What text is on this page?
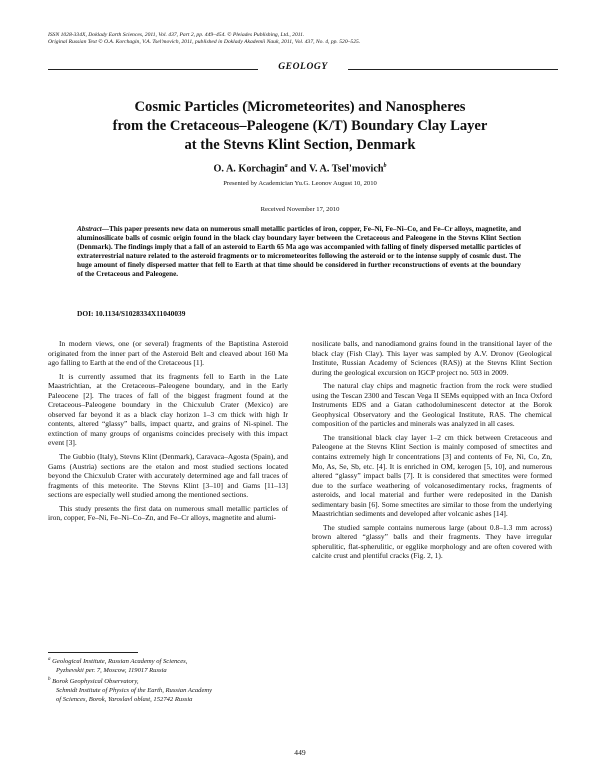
ISSN 1028-334X, Doklady Earth Sciences, 2011, Vol. 437, Part 2, pp. 449–454. © Pleiades Publishing, Ltd., 2011.
Original Russian Text © O.A. Korchagin, V.A. Tsel'movich, 2011, published in Doklady Akademii Nauk, 2011, Vol. 437, No. 4, pp. 520–525.
GEOLOGY
Cosmic Particles (Micrometeorites) and Nanospheres
from the Cretaceous–Paleogene (K/T) Boundary Clay Layer
at the Stevns Klint Section, Denmark
O. A. Korchagin$^a$ and V. A. Tsel'movich$^b$
Presented by Academician Yu.G. Leonov August 10, 2010
Received November 17, 2010

Abstract—This paper presents new data on numerous small metallic particles of iron, copper, Fe–Ni, Fe–Ni–Co, and Fe–Cr alloys, magnetite, and aluminosilicate balls of cosmic origin found in the black clay boundary layer between the Cretaceous and Paleogene in the Stevns Klint Section (Denmark). The findings imply that a fall of an asteroid to Earth 65 Ma ago was accompanied with falling of finely dispersed metallic particles of extraterrestrial nature related to the asteroid fragments or to micrometeorites following the asteroid or to the intense supply of cosmic dust. The huge amount of finely dispersed matter that fell to Earth at that time should be considered in further reconstructions of events at the boundary of the Cretaceous and Paleogene.

DOI: 10.1134/S1028334X11040039

In modern views, one (or several) fragments of the Baptistina Asteroid originated from the inner part of the Asteroid Belt and cleaved about 160 Ma ago falling to Earth at the end of the Cretaceous [1].

It is currently assumed that its fragments fell to Earth in the Late Maastrichtian, at the Cretaceous–Paleogene boundary, and in the Early Paleocene [2]. The traces of fall of the biggest fragment found at the Cretaceous–Paleogene boundary in the Chicxulub Crater (Mexico) are observed far beyond it as a black clay horizon 1–3 cm thick with high Ir contents, altered “glassy” balls, impact quartz, and grains of Ni-spinel. The extinction of many groups of organisms coincides precisely with this impact event [3].

The Gubbio (Italy), Stevns Klint (Denmark), Caravaca–Agosta (Spain), and Gams (Austria) sections are the etalon and most studied sections located beyond the Chicxulub Crater with accurately determined age and fall traces of fragments of this meteorite. The Stevns Klint [3–10] and Gams [11–13] sections are especially well studied among the mentioned sections.

This study presents the first data on numerous small metallic particles of iron, copper, Fe–Ni, Fe–Ni–Co–Zn, and Fe–Cr alloys, magnetite and alumi-

nosilicate balls, and nanodiamond grains found in the transitional layer of the black clay (Fish Clay). This layer was sampled by A.V. Dronov (Geological Institute, Russian Academy of Sciences (RAS)) at the Stevns Klint Section during the geological excursion on IGCP project no. 503 in 2009.

The natural clay chips and magnetic fraction from the rock were studied using the Tescan 2300 and Tescan Vega II SEMs equipped with an Inca Oxford Instruments EDS and a Gatan cathodoluminescent detector at the Borok Geophysical Observatory and the Geological Institute, RAS. The chemical composition of the particles and minerals was analyzed in all cases.

The transitional black clay layer 1–2 cm thick between Cretaceous and Paleogene at the Stevns Klint Section is mainly composed of smectites and contains extremely high Ir concentrations [3] and contents of Fe, Ni, Co, Zn, Mo, As, Se, Sb, etc. [4]. It is enriched in OM, kerogen [5, 10], and numerous altered “glassy” impact balls [7]. It is considered that smectites were formed due to the surface weathering of volcanosedimentary rocks, fragments of asteroids, and local material and further were redeposited in the Danish sedimentary basin [6]. Some smectites are similar to those from the underlying Maastrichtian sediments and developed after volcanic ashes [14].

The studied sample contains numerous large (about 0.8–1.3 mm across) brown altered “glassy” balls and their fragments. They have irregular spherulitic, flat-spherulitic, or egglike morphology and are often covered with calcite crust and plentiful cracks (Fig. 2, 1).

$^a$ Geological Institute, Russian Academy of Sciences,
Pyzhevskii per. 7, Moscow, 119017 Russia
$^b$ Borok Geophysical Observatory,
Schmidt Institute of Physics of the Earth, Russian Academy
of Sciences, Borok, Yaroslavl oblast, 152742 Russia
449
